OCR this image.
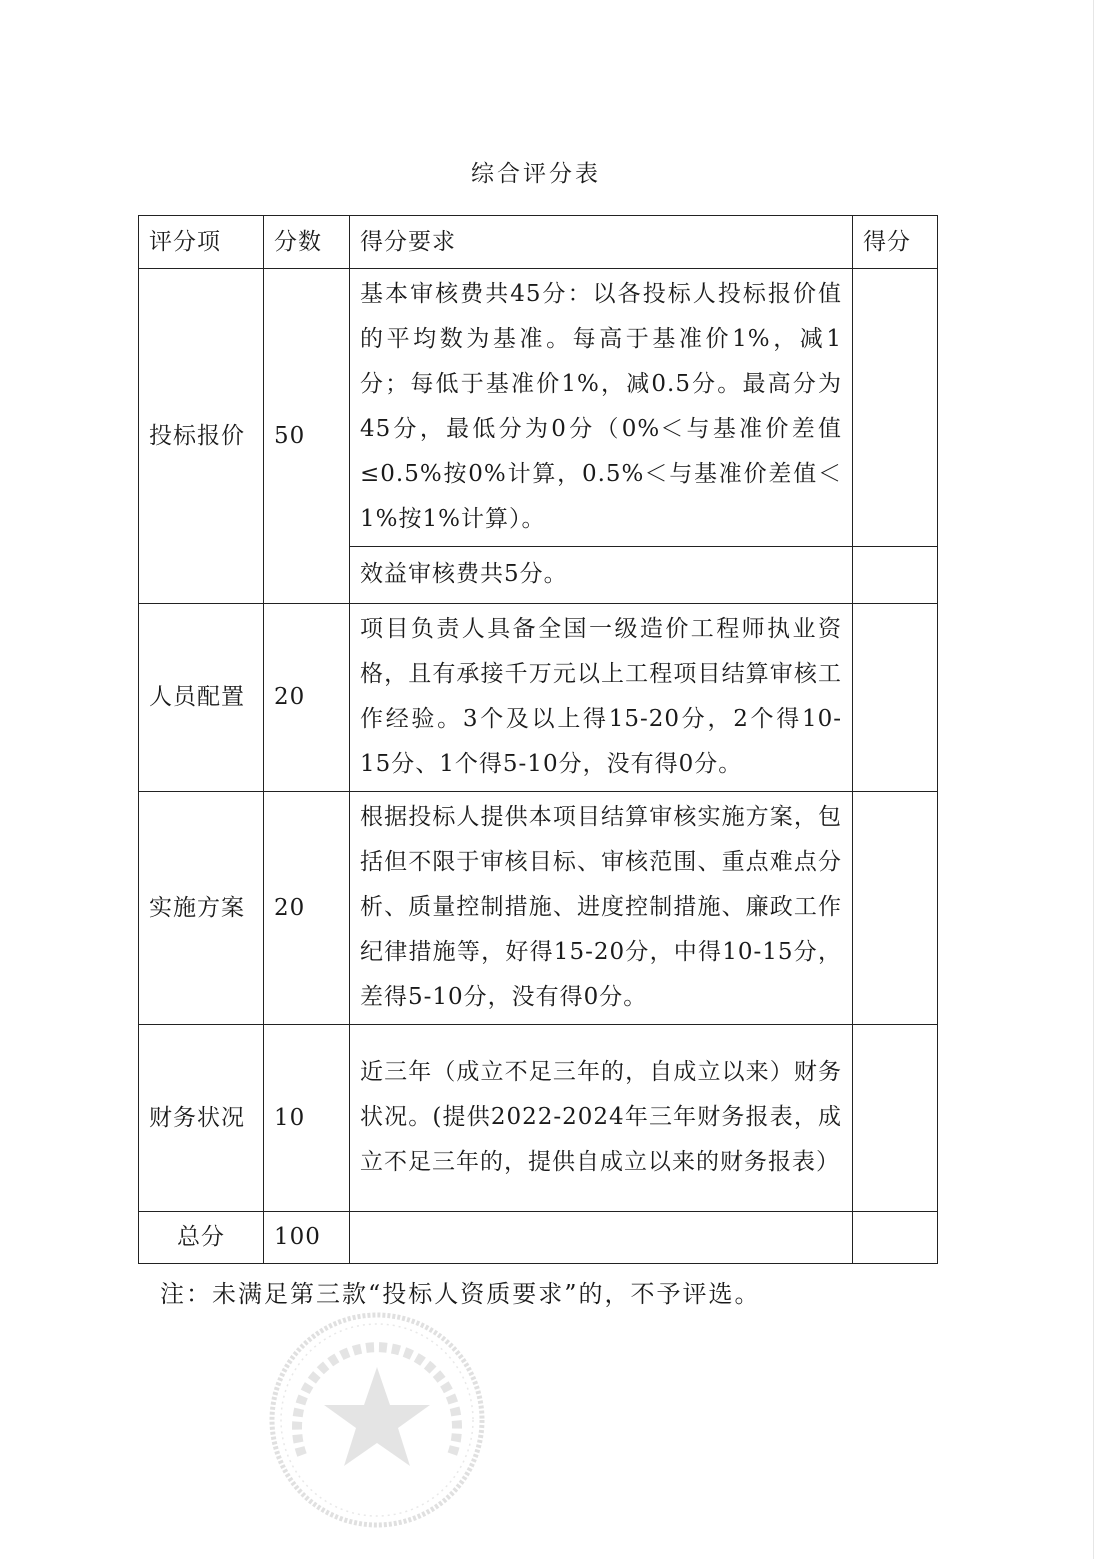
综合评分表
评分项	分数	得分要求	得分
投标报价	50	基本审核费共45分：以各投标人投标报价值的平均数为基准。每高于基准价1%，减1分；每低于基准价1%，减0.5分。最高分为45分，最低分为0分（0%＜与基准价差值≤0.5%按0%计算，0.5%＜与基准价差值＜1%按1%计算）。	
		效益审核费共5分。	
人员配置	20	项目负责人具备全国一级造价工程师执业资格，且有承接千万元以上工程项目结算审核工作经验。3个及以上得15-20分，2个得10-15分、1个得5-10分，没有得0分。	
实施方案	20	根据投标人提供本项目结算审核实施方案，包括但不限于审核目标、审核范围、重点难点分析、质量控制措施、进度控制措施、廉政工作纪律措施等，好得15-20分，中得10-15分，差得5-10分，没有得0分。	
财务状况	10	近三年（成立不足三年的，自成立以来）财务状况。(提供2022-2024年三年财务报表，成立不足三年的，提供自成立以来的财务报表）	
总分	100		
注：未满足第三款“投标人资质要求”的，不予评选。
